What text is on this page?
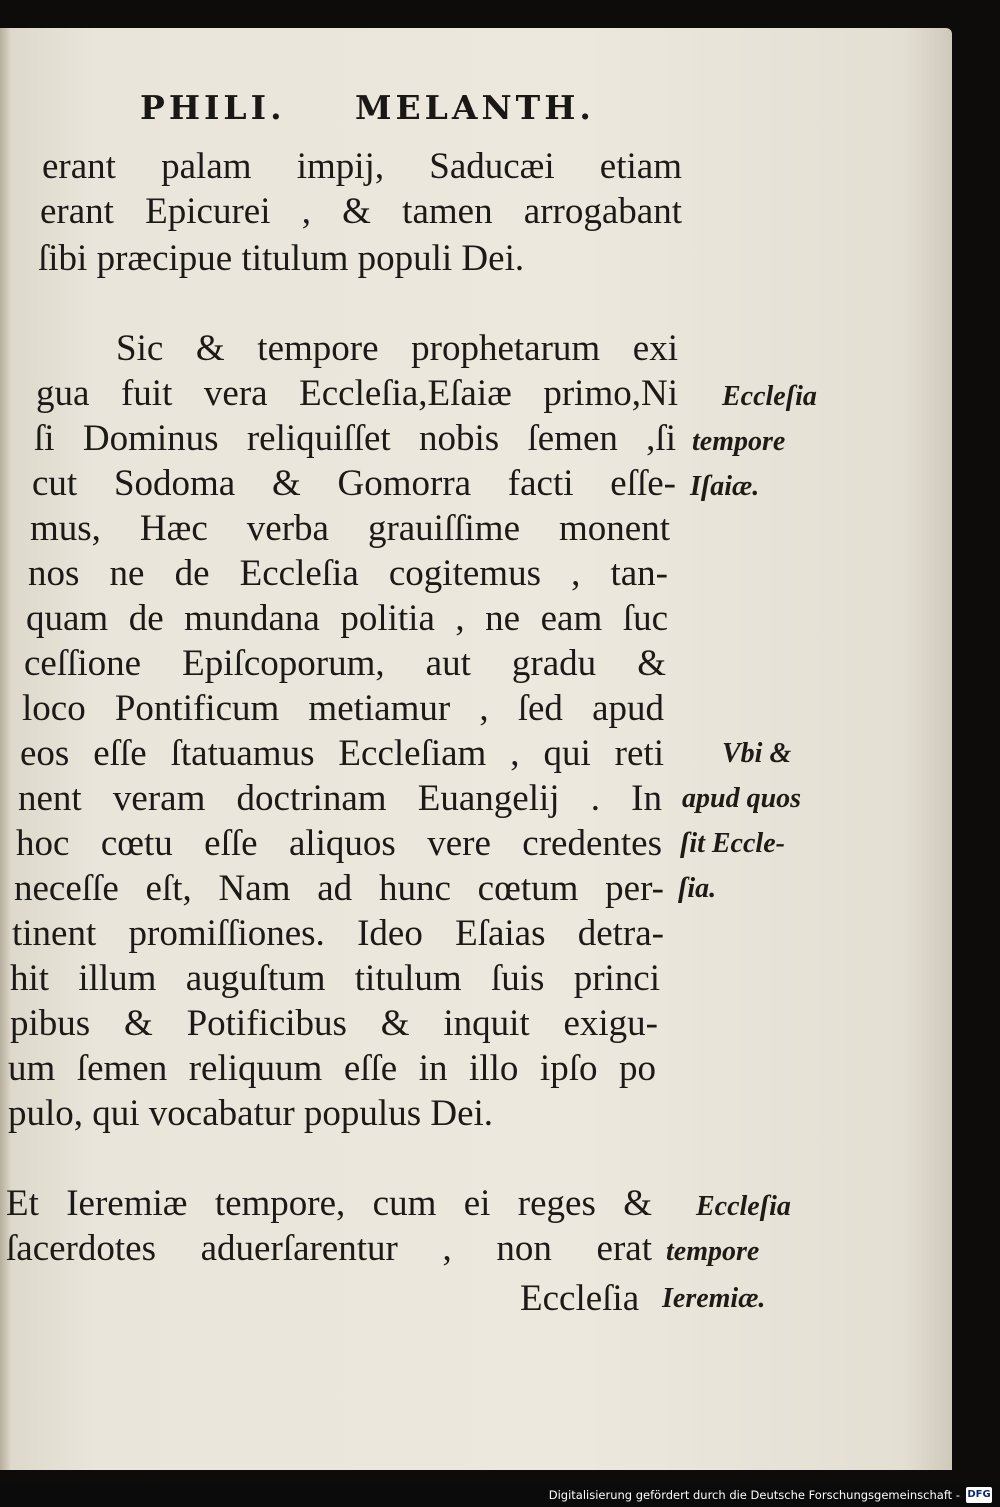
PHILI. MELANTH.
erant palam impij, Saducæi etiam
erant Epicurei , & tamen arrogabant
ſibi præcipue titulum populi Dei.
Sic & tempore prophetarum exi
gua fuit vera Eccleſia,Eſaiæ primo,Ni
ſi Dominus reliquiſſet nobis ſemen ,ſi
cut Sodoma & Gomorra facti eſſe-
mus, Hæc verba grauiſſime monent
nos ne de Eccleſia cogitemus , tan-
quam de mundana politia , ne eam ſuc
ceſſione Epiſcoporum, aut gradu &
loco Pontificum metiamur , ſed apud
eos eſſe ſtatuamus Eccleſiam , qui reti
nent veram doctrinam Euangelij . In
hoc cœtu eſſe aliquos vere credentes
neceſſe eſt, Nam ad hunc cœtum per-
tinent promiſſiones. Ideo Eſaias detra-
hit illum auguſtum titulum ſuis princi
pibus & Potificibus & inquit exigu-
um ſemen reliquum eſſe in illo ipſo po
pulo, qui vocabatur populus Dei.
Et Ieremiæ tempore, cum ei reges &
ſacerdotes aduerſarentur , non erat
Eccleſia
Eccleſia
tempore
Iſaiæ.
Vbi &
apud quos
ſit Eccle-
ſia.
Eccleſia
tempore
Ieremiæ.
Digitalisierung gefördert durch die Deutsche Forschungsgemeinschaft - DFG
